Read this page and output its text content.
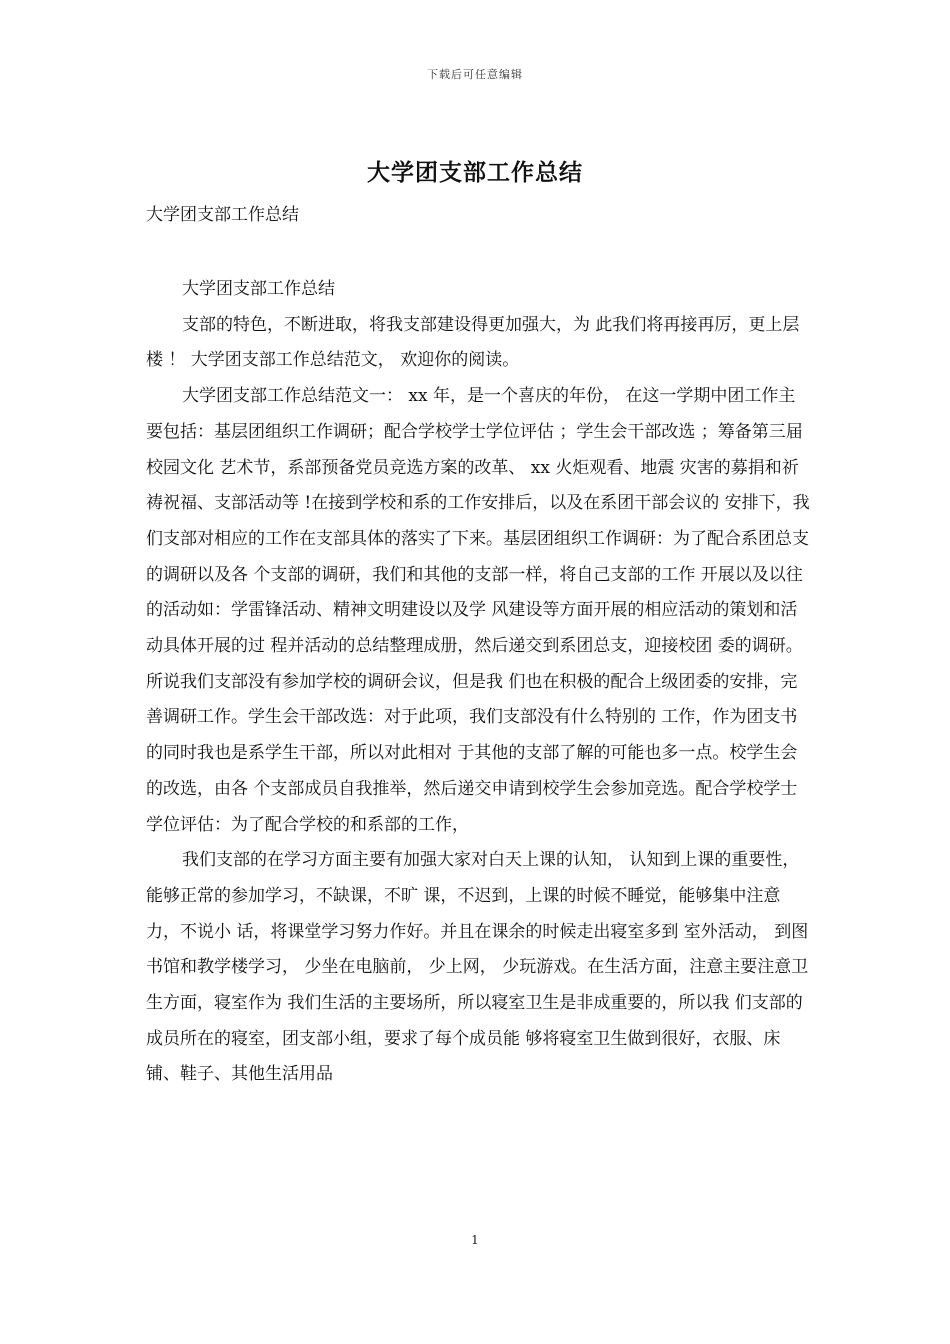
下载后可任意编辑
大学团支部工作总结
大学团支部工作总结

大学团支部工作总结

支部的特色，不断进取，将我支部建设得更加强大，为 此我们将再接再厉，更上层楼 ！ 大学团支部工作总结范文， 欢迎你的阅读。

大学团支部工作总结范文一： xx 年，是一个喜庆的年份， 在这一学期中团工作主要包括：基层团组织工作调研；配合学校学士学位评估 ；学生会干部改选 ；筹备第三届校园文化 艺术节，系部预备党员竞选方案的改革、 xx 火炬观看、地震 灾害的募捐和祈祷祝福、支部活动等 !在接到学校和系的工作安排后，以及在系团干部会议的 安排下，我们支部对相应的工作在支部具体的落实了下来。基层团组织工作调研：为了配合系团总支的调研以及各 个支部的调研，我们和其他的支部一样，将自己支部的工作 开展以及以往的活动如：学雷锋活动、精神文明建设以及学 风建设等方面开展的相应活动的策划和活动具体开展的过 程并活动的总结整理成册，然后递交到系团总支，迎接校团 委的调研。所说我们支部没有参加学校的调研会议，但是我 们也在积极的配合上级团委的安排，完善调研工作。学生会干部改选：对于此项，我们支部没有什么特别的 工作，作为团支书的同时我也是系学生干部，所以对此相对 于其他的支部了解的可能也多一点。校学生会的改选，由各 个支部成员自我推举，然后递交申请到校学生会参加竞选。配合学校学士学位评估：为了配合学校的和系部的工作，

我们支部的在学习方面主要有加强大家对白天上课的认知， 认知到上课的重要性，能够正常的参加学习，不缺课，不旷 课，不迟到，上课的时候不睡觉，能够集中注意力，不说小 话，将课堂学习努力作好。并且在课余的时候走出寝室多到 室外活动， 到图书馆和教学楼学习， 少坐在电脑前， 少上网， 少玩游戏。在生活方面，注意主要注意卫生方面，寝室作为 我们生活的主要场所，所以寝室卫生是非成重要的，所以我 们支部的成员所在的寝室，团支部小组，要求了每个成员能 够将寝室卫生做到很好，衣服、床铺、鞋子、其他生活用品

1
